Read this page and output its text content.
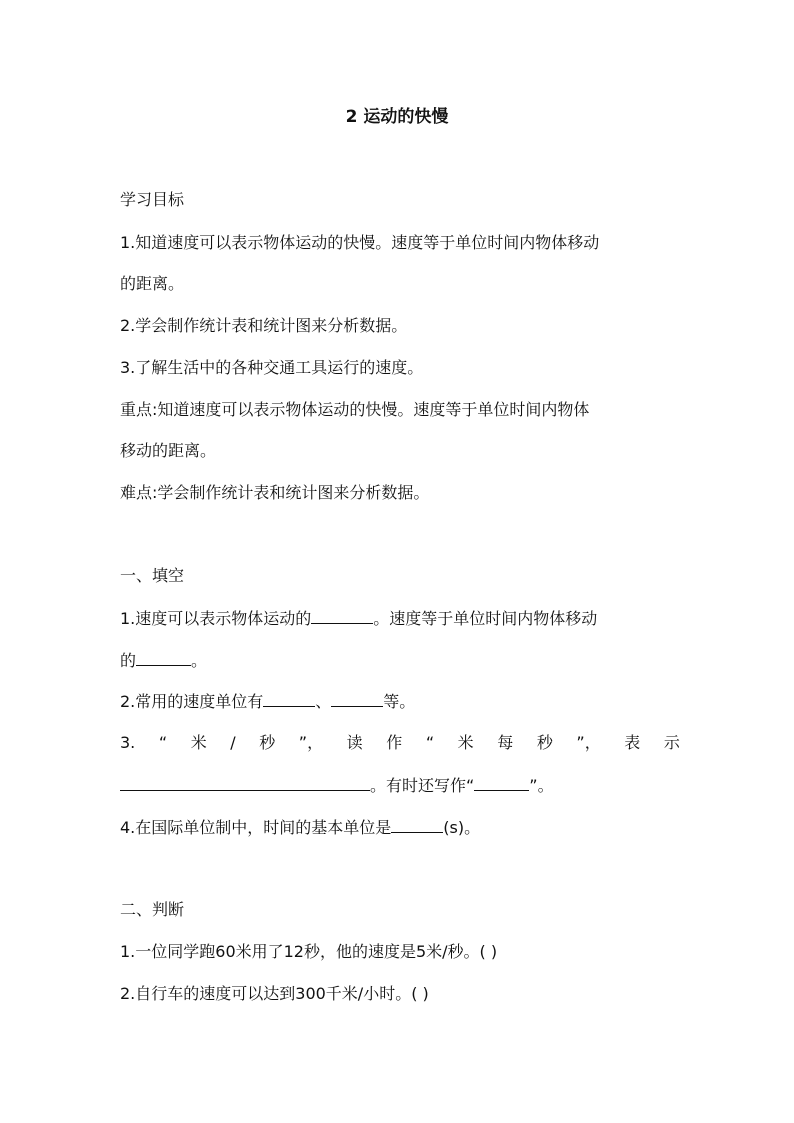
2 运动的快慢

学习目标

1.知道速度可以表示物体运动的快慢。速度等于单位时间内物体移动

的距离。

2.学会制作统计表和统计图来分析数据。

3.了解生活中的各种交通工具运行的速度。

重点:知道速度可以表示物体运动的快慢。速度等于单位时间内物体

移动的距离。

难点:学会制作统计表和统计图来分析数据。

一、填空

1.速度可以表示物体运动的	。速度等于单位时间内物体移动

的	。

2.常用的速度单位有	、	等。

3. “ 米 / 秒 ”， 读 作 “ 米 每 秒 ”， 表 示

。有时还写作“	”。

4.在国际单位制中，时间的基本单位是	(s)。

二、判断

1.一位同学跑60米用了12秒，他的速度是5米/秒。( )

2.自行车的速度可以达到300千米/小时。( )
